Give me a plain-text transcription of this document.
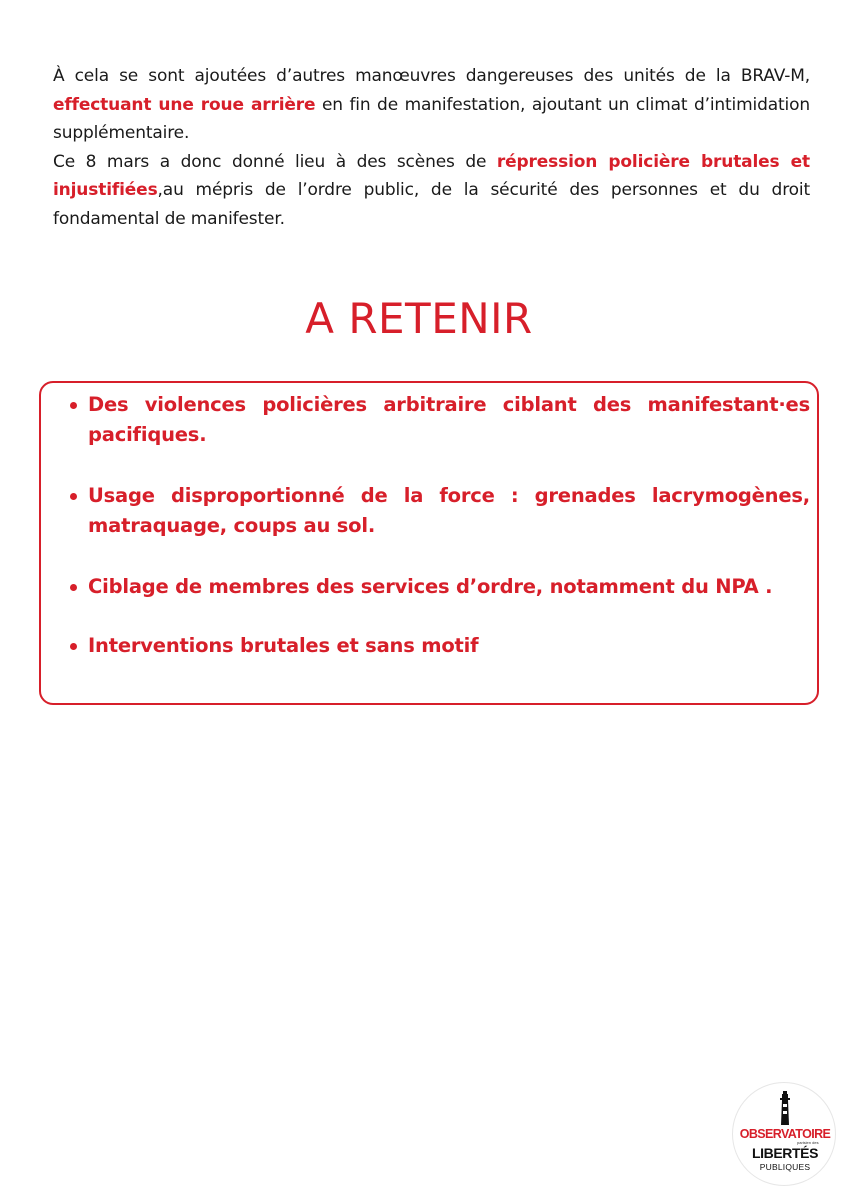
À cela se sont ajoutées d’autres manœuvres dangereuses des unités de la BRAV-M, effectuant une roue arrière en fin de manifestation, ajoutant un climat d’intimidation supplémentaire.

Ce 8 mars a donc donné lieu à des scènes de répression policière brutales et injustifiées,au mépris de l’ordre public, de la sécurité des personnes et du droit fondamental de manifester.

A RETENIR
Des violences policières arbitraire ciblant des manifestant·es pacifiques.
Usage disproportionné de la force : grenades lacrymogènes, matraquage, coups au sol.
Ciblage de membres des services d’ordre, notamment du NPA .
Interventions brutales et sans motif
OBSERVATOIRE
parisien des
LIBERTÉS
PUBLIQUES
